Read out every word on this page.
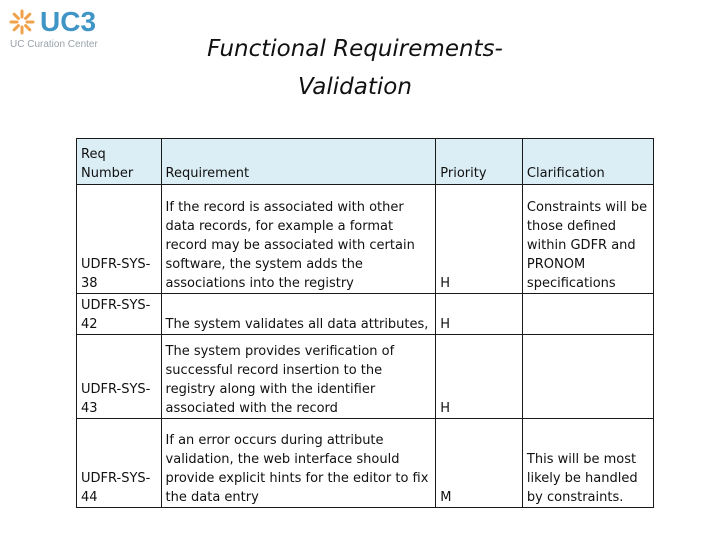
UC3
UC Curation Center	Functional Requirements-
Validation
Req Number	Requirement	Priority	Clarification
UDFR-SYS-38	If the record is associated with other data records, for example a format record may be associated with certain software, the system adds the associations into the registry	H	Constraints will be those defined within GDFR and PRONOM specifications
UDFR-SYS-42	The system validates all data attributes,	H	
UDFR-SYS-43	The system provides verification of successful record insertion to the registry along with the identifier associated with the record	H	
UDFR-SYS-44	If an error occurs during attribute validation, the web interface should provide explicit hints for the editor to fix the data entry	M	This will be most likely be handled by constraints.
